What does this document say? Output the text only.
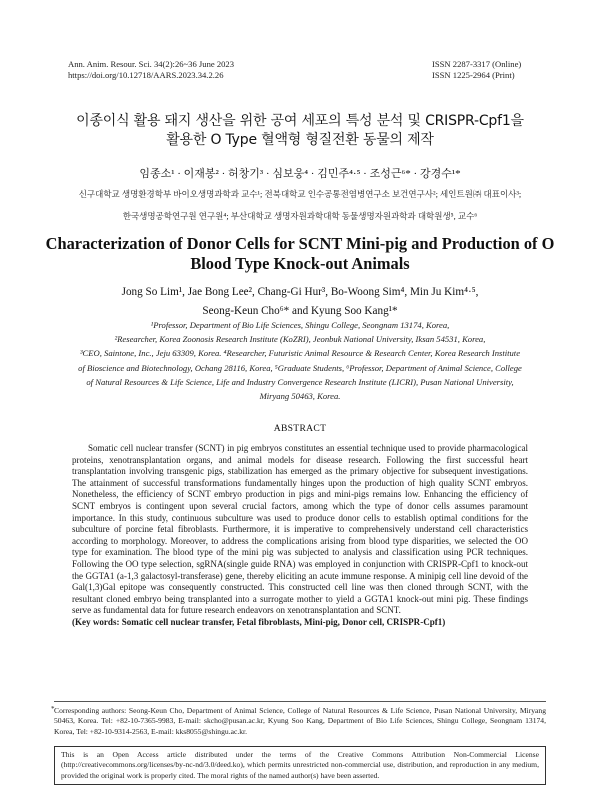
Ann. Anim. Resour. Sci. 34(2):26~36 June 2023
https://doi.org/10.12718/AARS.2023.34.2.26
ISSN 2287-3317 (Online)
ISSN 1225-2964 (Print)
이종이식 활용 돼지 생산을 위한 공여 세포의 특성 분석 및 CRISPR-Cpf1을
활용한 O Type 혈액형 형질전환 동물의 제작
임종소¹ · 이재봉² · 허창기³ · 심보웅⁴ · 김민주⁴·⁵ · 조성근⁶* · 강경수¹*
신구대학교 생명환경학부 바이오생명과학과 교수¹; 전북대학교 인수공통전염병연구소 보건연구사²; 세인트원㈜ 대표이사³;
한국생명공학연구원 연구원⁴; 부산대학교 생명자원과학대학 동물생명자원과학과 대학원생⁵, 교수⁶
Characterization of Donor Cells for SCNT Mini-pig and Production of O
Blood Type Knock-out Animals
Jong So Lim¹, Jae Bong Lee², Chang-Gi Hur³, Bo-Woong Sim⁴, Min Ju Kim⁴·⁵,
Seong-Keun Cho⁶* and Kyung Soo Kang¹*
¹Professor, Department of Bio Life Sciences, Shingu College, Seongnam 13174, Korea,
²Researcher, Korea Zoonosis Research Institute (KoZRI), Jeonbuk National University, Iksan 54531, Korea,
³CEO, Saintone, Inc., Jeju 63309, Korea. ⁴Researcher, Futuristic Animal Resource & Research Center, Korea Research Institute
of Bioscience and Biotechnology, Ochang 28116, Korea, ⁵Graduate Students, ⁶Professor, Department of Animal Science, College
of Natural Resources & Life Science, Life and Industry Convergence Research Institute (LICRI), Pusan National University,
Miryang 50463, Korea.
ABSTRACT

Somatic cell nuclear transfer (SCNT) in pig embryos constitutes an essential technique used to provide pharmacological proteins, xenotransplantation organs, and animal models for disease research. Following the first successful heart transplantation involving transgenic pigs, stabilization has emerged as the primary objective for subsequent investigations. The attainment of successful transformations fundamentally hinges upon the production of high quality SCNT embryos. Nonetheless, the efficiency of SCNT embryo production in pigs and mini-pigs remains low. Enhancing the efficiency of SCNT embryos is contingent upon several crucial factors, among which the type of donor cells assumes paramount importance. In this study, continuous subculture was used to produce donor cells to establish optimal conditions for the subculture of porcine fetal fibroblasts. Furthermore, it is imperative to comprehensively understand cell characteristics according to morphology. Moreover, to address the complications arising from blood type disparities, we selected the OO type for examination. The blood type of the mini pig was subjected to analysis and classification using PCR techniques. Following the OO type selection, sgRNA(single guide RNA) was employed in conjunction with CRISPR-Cpf1 to knock-out the GGTA1 (a-1,3 galactosyl-transferase) gene, thereby eliciting an acute immune response. A minipig cell line devoid of the Gal(1,3)Gal epitope was consequently constructed. This constructed cell line was then cloned through SCNT, with the resultant cloned embryo being transplanted into a surrogate mother to yield a GGTA1 knock-out mini pig. These findings serve as fundamental data for future research endeavors on xenotransplantation and SCNT.

(Key words: Somatic cell nuclear transfer, Fetal fibroblasts, Mini-pig, Donor cell, CRISPR-Cpf1)
* Corresponding authors: Seong-Keun Cho, Department of Animal Science, College of Natural Resources & Life Science, Pusan National University, Miryang 50463, Korea. Tel: +82-10-7365-9983, E-mail: skcho@pusan.ac.kr, Kyung Soo Kang, Department of Bio Life Sciences, Shingu College, Seongnam 13174, Korea, Tel: +82-10-9314-2563, E-mail: kks8055@shingu.ac.kr.
This is an Open Access article distributed under the terms of the Creative Commons Attribution Non-Commercial License (http://creativecommons.org/licenses/by-nc-nd/3.0/deed.ko), which permits unrestricted non-commercial use, distribution, and reproduction in any medium, provided the original work is properly cited. The moral rights of the named author(s) have been asserted.
